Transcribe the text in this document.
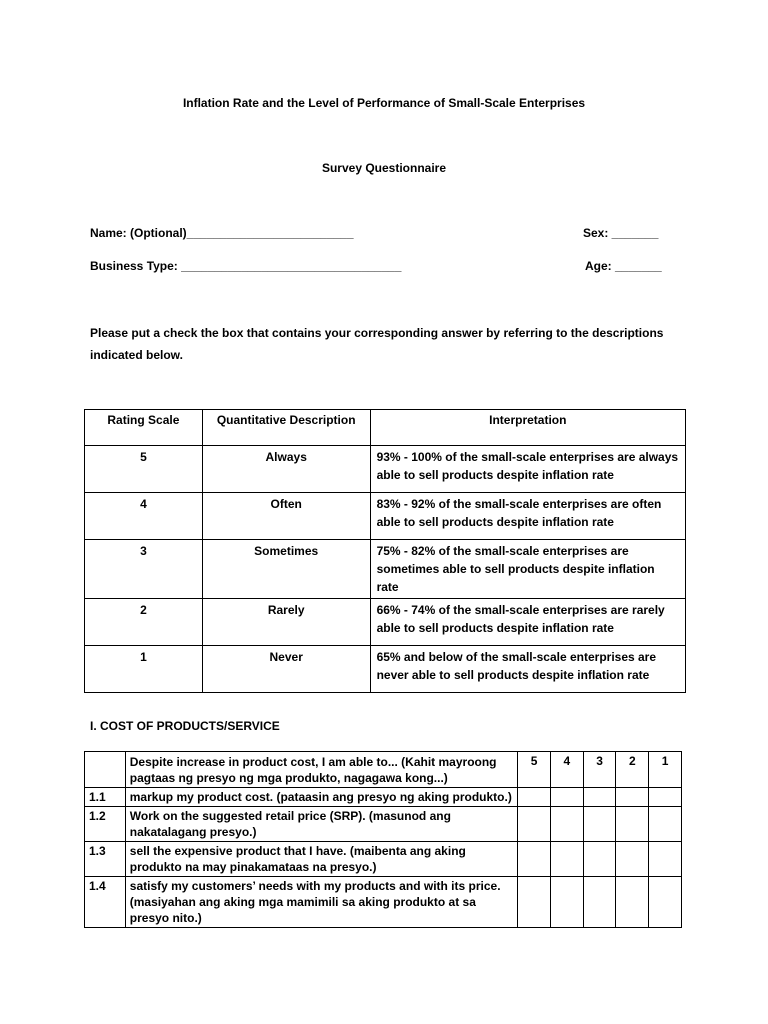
Inflation Rate and the Level of Performance of Small-Scale Enterprises
Survey Questionnaire
Name: (Optional)_________________________	Sex: _______
Business Type: _________________________________	Age: _______
Please put a check the box that contains your corresponding answer by referring to the descriptions indicated below.
Rating Scale	Quantitative Description	Interpretation
5	Always	93% - 100% of the small-scale enterprises are always able to sell products despite inflation rate
4	Often	83% - 92% of the small-scale enterprises are often able to sell products despite inflation rate
3	Sometimes	75% - 82% of the small-scale enterprises are sometimes able to sell products despite inflation rate
2	Rarely	66% - 74% of the small-scale enterprises are rarely able to sell products despite inflation rate
1	Never	65% and below of the small-scale enterprises are never able to sell products despite inflation rate
I. COST OF PRODUCTS/SERVICE
	Despite increase in product cost, I am able to... (Kahit mayroong pagtaas ng presyo ng mga produkto, nagagawa kong...)	5	4	3	2	1
1.1	markup my product cost. (pataasin ang presyo ng aking produkto.)					
1.2	Work on the suggested retail price (SRP). (masunod ang nakatalagang presyo.)					
1.3	sell the expensive product that I have. (maibenta ang aking produkto na may pinakamataas na presyo.)					
1.4	satisfy my customers’ needs with my products and with its price. (masiyahan ang aking mga mamimili sa aking produkto at sa presyo nito.)					
